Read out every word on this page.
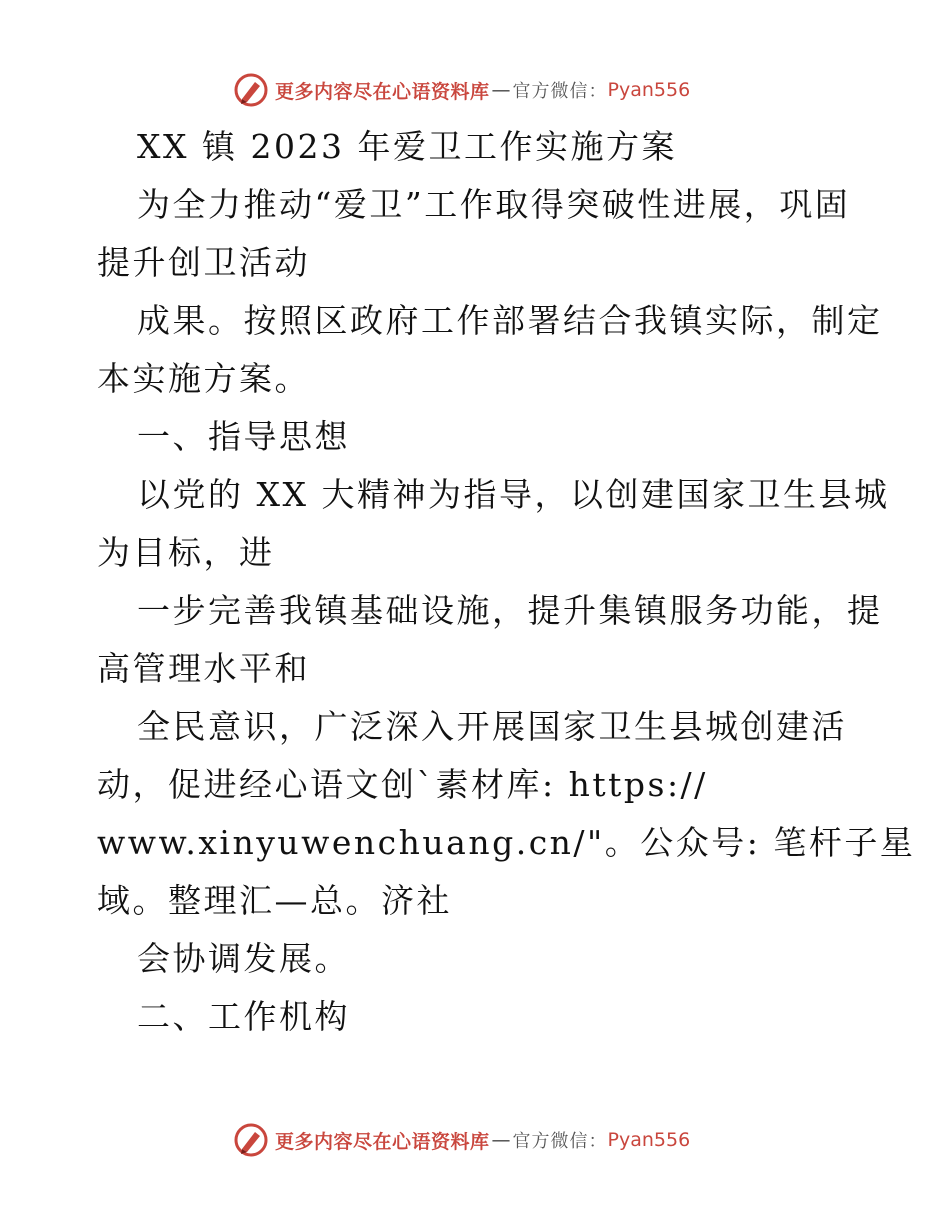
更多内容尽在心语资料库 — 官方微信： Pyan556
XX 镇 2023 年爱卫工作实施方案
为全力推动“爱卫”工作取得突破性进展，巩固
提升创卫活动
成果。按照区政府工作部署结合我镇实际，制定
本实施方案。
一、指导思想
以党的 XX 大精神为指导，以创建国家卫生县城
为目标，进
一步完善我镇基础设施，提升集镇服务功能，提
高管理水平和
全民意识，广泛深入开展国家卫生县城创建活
动，促进经心语文创`素材库: https://
www.xinyuwenchuang.cn/"。公众号: 笔杆子星
域。整理汇—总。济社
会协调发展。
二、工作机构
更多内容尽在心语资料库 — 官方微信： Pyan556
